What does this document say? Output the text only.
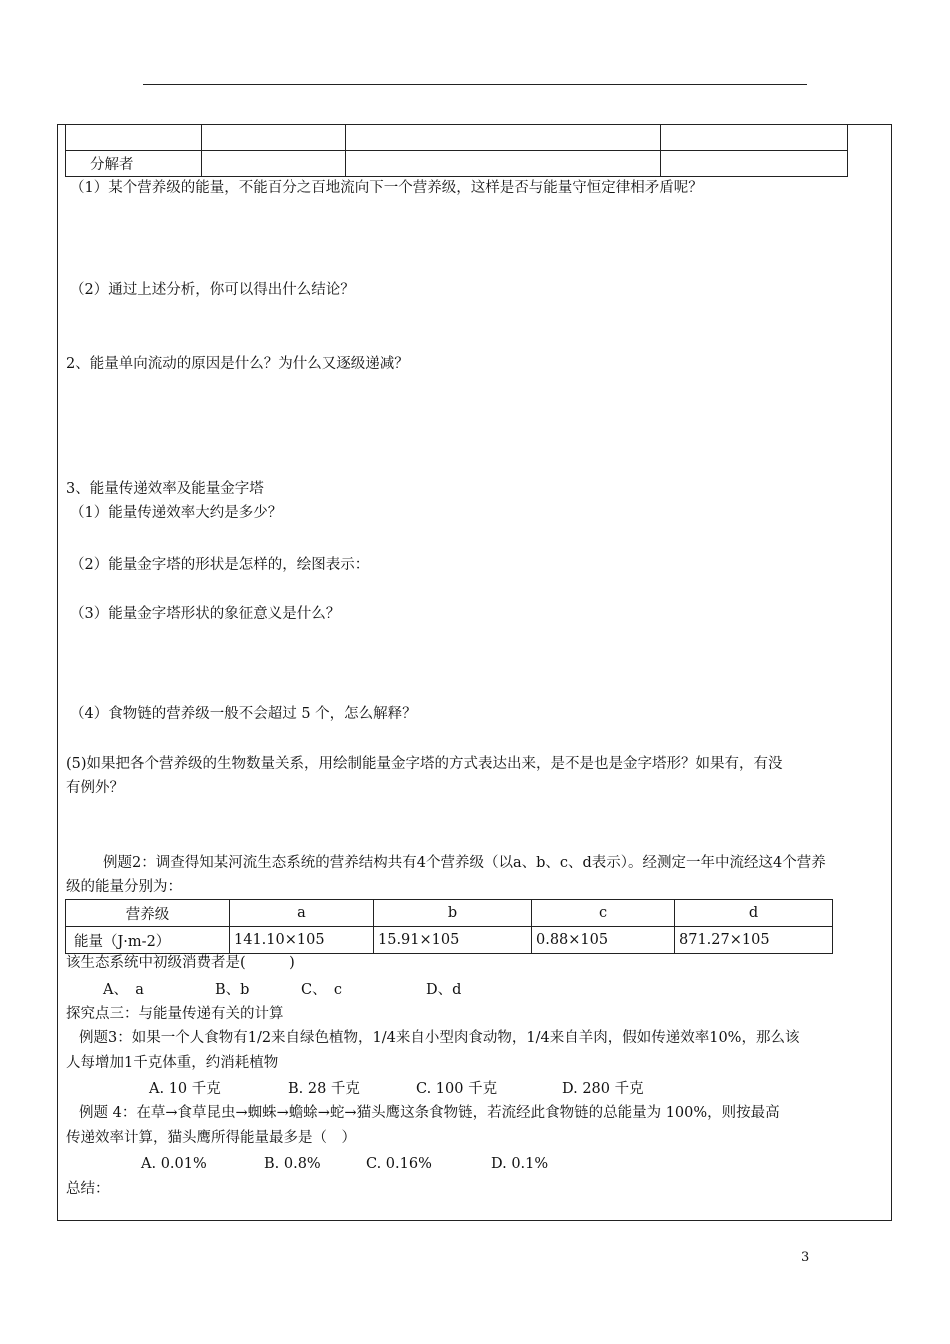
分解者			
（1）某个营养级的能量，不能百分之百地流向下一个营养级，这样是否与能量守恒定律相矛盾呢？
（2）通过上述分析，你可以得出什么结论？
2、能量单向流动的原因是什么？为什么又逐级递减？
3、能量传递效率及能量金字塔
（1）能量传递效率大约是多少？
（2）能量金字塔的形状是怎样的，绘图表示：
（3）能量金字塔形状的象征意义是什么？
（4）食物链的营养级一般不会超过 5 个，怎么解释？
(5)如果把各个营养级的生物数量关系，用绘制能量金字塔的方式表达出来，是不是也是金字塔形？如果有，有没
有例外？
例题2：调查得知某河流生态系统的营养结构共有4个营养级（以a、b、c、d表示）。经测定一年中流经这4个营养
级的能量分别为：
营养级	a	b	c	d
能量（J·m-2）	141.10×105	15.91×105	0.88×105	871.27×105
该生态系统中初级消费者是(　　　)
A、　a	B、b	C、　c	D、d
探究点三：与能量传递有关的计算
例题3：如果一个人食物有1/2来自绿色植物，1/4来自小型肉食动物，1/4来自羊肉，假如传递效率10%，那么该
人每增加1千克体重，约消耗植物
A. 10 千克	B. 28 千克	C. 100 千克	D. 280 千克
例题 4：在草→食草昆虫→蜘蛛→蟾蜍→蛇→猫头鹰这条食物链，若流经此食物链的总能量为 100%，则按最高
传递效率计算，猫头鹰所得能量最多是（　）
A. 0.01%	B. 0.8%	C. 0.16%	D. 0.1%
总结：
3
